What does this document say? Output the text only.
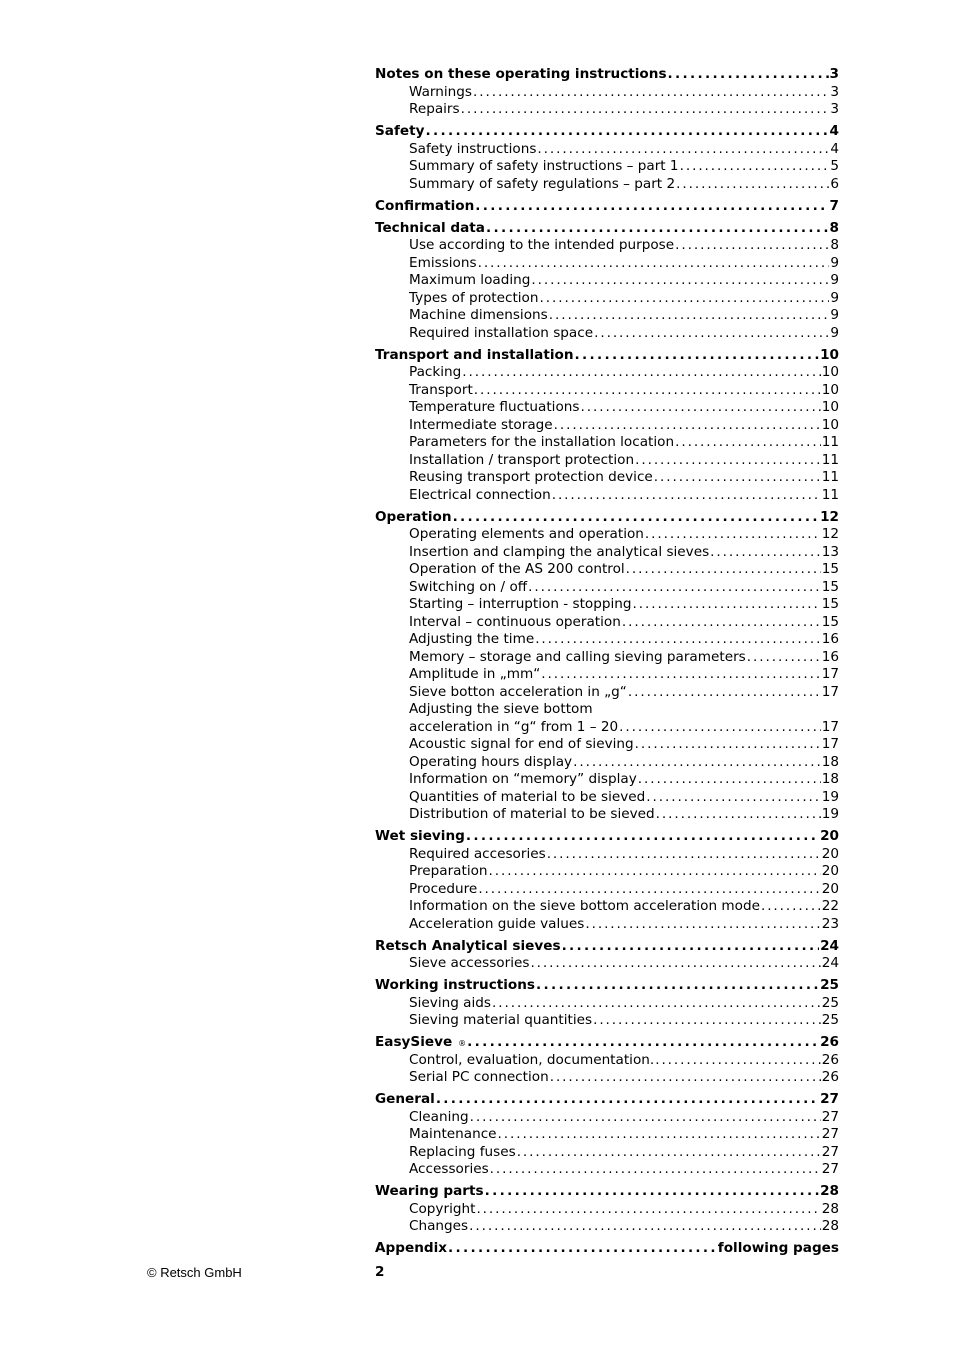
Notes on these operating instructions . . .	3
Warnings . . .	3
Repairs . . .	3
Safety . . .	4
Safety instructions . . .	4
Summary of safety instructions – part 1 . . .	5
Summary of safety regulations – part 2 . . .	6
Confirmation . . .	7
Technical data . . .	8
Use according to the intended purpose . . .	8
Emissions . . .	9
Maximum loading . . .	9
Types of protection . . .	9
Machine dimensions . . .	9
Required installation space . . .	9
Transport and installation . . .	10
Packing . . .	10
Transport . . .	10
Temperature fluctuations . . .	10
Intermediate storage . . .	10
Parameters for the installation location . . .	11
Installation / transport protection . . .	11
Reusing transport protection device . . .	11
Electrical connection . . .	11
Operation . . .	12
Operating elements and operation . . .	12
Insertion and clamping the analytical sieves . . .	13
Operation of the AS 200 control . . .	15
Switching on / off . . .	15
Starting – interruption - stopping . . .	15
Interval – continuous operation . . .	15
Adjusting the time . . .	16
Memory – storage and calling sieving parameters . . .	16
Amplitude in „mm“ . . .	17
Sieve botton acceleration in „g“ . . .	17
Adjusting the sieve bottom
acceleration in “g“ from 1 – 20 . . .	17
Acoustic signal for end of sieving . . .	17
Operating hours display . . .	18
Information on “memory” display . . .	18
Quantities of material to be sieved . . .	19
Distribution of material to be sieved . . .	19
Wet sieving . . .	20
Required accesories . . .	20
Preparation . . .	20
Procedure . . .	20
Information on the sieve bottom acceleration mode . . .	22
Acceleration guide values . . .	23
Retsch Analytical sieves . . .	24
Sieve accessories . . .	24
Working instructions . . .	25
Sieving aids . . .	25
Sieving material quantities . . .	25
EasySieve ® . . .	26
Control, evaluation, documentation. . . .	26
Serial PC connection . . .	26
General . . .	27
Cleaning . . .	27
Maintenance . . .	27
Replacing fuses . . .	27
Accessories . . .	27
Wearing parts . . .	28
Copyright . . .	28
Changes . . .	28
Appendix . . .	following pages
© Retsch GmbH	2
